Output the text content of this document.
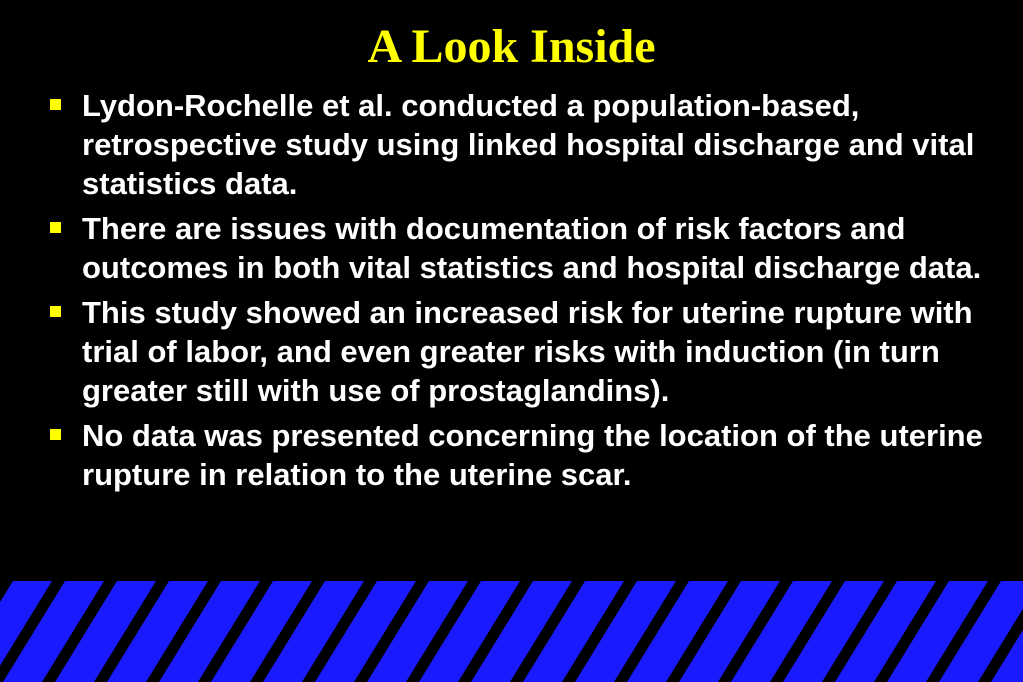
A Look Inside
Lydon-Rochelle et al. conducted a population-based, retrospective study using linked hospital discharge and vital statistics data.
There are issues with documentation of risk factors and outcomes in both vital statistics and hospital discharge data.
This study showed an increased risk for uterine rupture with trial of labor, and even greater risks with induction (in turn greater still with use of prostaglandins).
No data was presented concerning the location of the uterine rupture in relation to the uterine scar.
